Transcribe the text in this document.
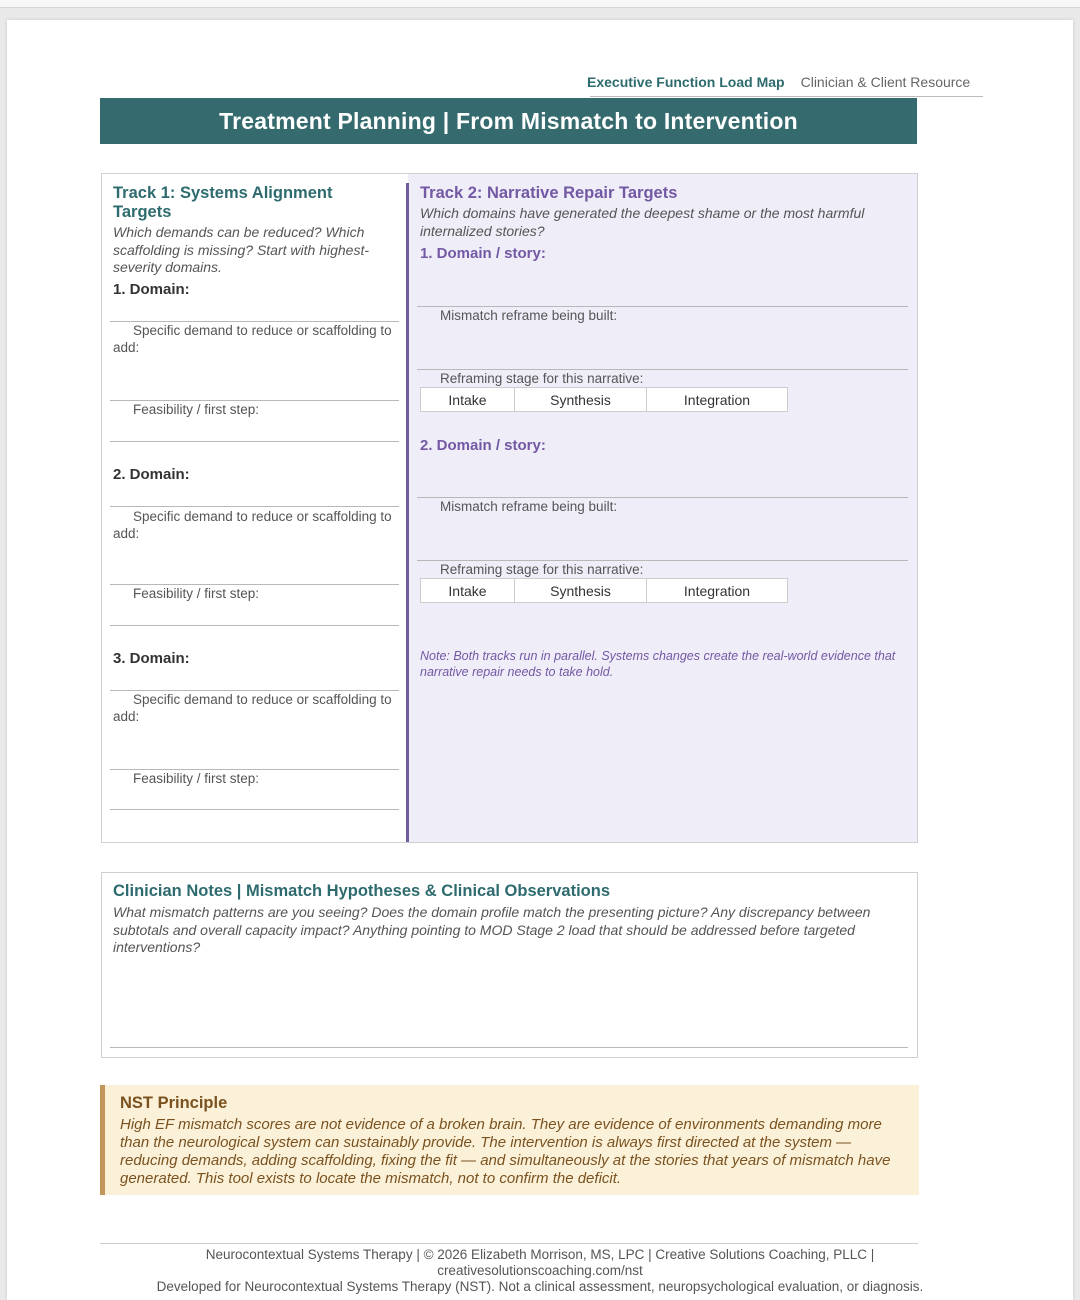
Executive Function Load Map Clinician & Client Resource
Treatment Planning | From Mismatch to Intervention
Track 1: Systems Alignment Targets
Which demands can be reduced? Which scaffolding is missing? Start with highest-severity domains.
1. Domain:
Specific demand to reduce or scaffolding to add:
Feasibility / first step:
2. Domain:
Specific demand to reduce or scaffolding to add:
Feasibility / first step:
3. Domain:
Specific demand to reduce or scaffolding to add:
Feasibility / first step:
Track 2: Narrative Repair Targets
Which domains have generated the deepest shame or the most harmful internalized stories?
1. Domain / story:
Mismatch reframe being built:
Reframing stage for this narrative:
Intake	Synthesis	Integration
2. Domain / story:
Mismatch reframe being built:
Reframing stage for this narrative:
Intake	Synthesis	Integration
Note: Both tracks run in parallel. Systems changes create the real-world evidence that narrative repair needs to take hold.
Clinician Notes | Mismatch Hypotheses & Clinical Observations
What mismatch patterns are you seeing? Does the domain profile match the presenting picture? Any discrepancy between subtotals and overall capacity impact? Anything pointing to MOD Stage 2 load that should be addressed before targeted interventions?
NST Principle
High EF mismatch scores are not evidence of a broken brain. They are evidence of environments demanding more than the neurological system can sustainably provide. The intervention is always first directed at the system — reducing demands, adding scaffolding, fixing the fit — and simultaneously at the stories that years of mismatch have generated. This tool exists to locate the mismatch, not to confirm the deficit.
Neurocontextual Systems Therapy | © 2026 Elizabeth Morrison, MS, LPC | Creative Solutions Coaching, PLLC |
creativesolutionscoaching.com/nst
